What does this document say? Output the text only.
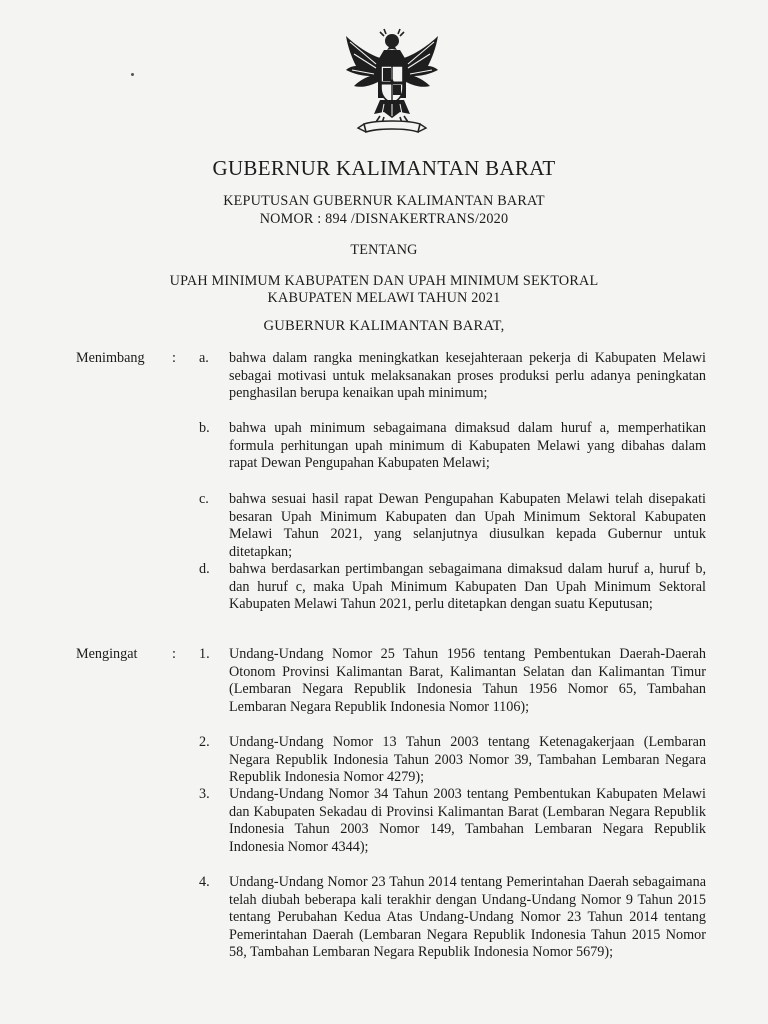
GUBERNUR KALIMANTAN BARAT
KEPUTUSAN GUBERNUR KALIMANTAN BARAT
NOMOR : 894 /DISNAKERTRANS/2020
TENTANG
UPAH MINIMUM KABUPATEN DAN UPAH MINIMUM SEKTORAL
KABUPATEN MELAWI TAHUN 2021
GUBERNUR KALIMANTAN BARAT,
Menimbang : a. bahwa dalam rangka meningkatkan kesejahteraan pekerja di Kabupaten Melawi sebagai motivasi untuk melaksanakan proses produksi perlu adanya peningkatan penghasilan berupa kenaikan upah minimum;
b. bahwa upah minimum sebagaimana dimaksud dalam huruf a, memperhatikan formula perhitungan upah minimum di Kabupaten Melawi yang dibahas dalam rapat Dewan Pengupahan Kabupaten Melawi;
c. bahwa sesuai hasil rapat Dewan Pengupahan Kabupaten Melawi telah disepakati besaran Upah Minimum Kabupaten dan Upah Minimum Sektoral Kabupaten Melawi Tahun 2021, yang selanjutnya diusulkan kepada Gubernur untuk ditetapkan;
d. bahwa berdasarkan pertimbangan sebagaimana dimaksud dalam huruf a, huruf b, dan huruf c, maka Upah Minimum Kabupaten Dan Upah Minimum Sektoral Kabupaten Melawi Tahun 2021, perlu ditetapkan dengan suatu Keputusan;
Mengingat : 1. Undang-Undang Nomor 25 Tahun 1956 tentang Pembentukan Daerah-Daerah Otonom Provinsi Kalimantan Barat, Kalimantan Selatan dan Kalimantan Timur (Lembaran Negara Republik Indonesia Tahun 1956 Nomor 65, Tambahan Lembaran Negara Republik Indonesia Nomor 1106);
2. Undang-Undang Nomor 13 Tahun 2003 tentang Ketenagakerjaan (Lembaran Negara Republik Indonesia Tahun 2003 Nomor 39, Tambahan Lembaran Negara Republik Indonesia Nomor 4279);
3. Undang-Undang Nomor 34 Tahun 2003 tentang Pembentukan Kabupaten Melawi dan Kabupaten Sekadau di Provinsi Kalimantan Barat (Lembaran Negara Republik Indonesia Tahun 2003 Nomor 149, Tambahan Lembaran Negara Republik Indonesia Nomor 4344);
4. Undang-Undang Nomor 23 Tahun 2014 tentang Pemerintahan Daerah sebagaimana telah diubah beberapa kali terakhir dengan Undang-Undang Nomor 9 Tahun 2015 tentang Perubahan Kedua Atas Undang-Undang Nomor 23 Tahun 2014 tentang Pemerintahan Daerah (Lembaran Negara Republik Indonesia Tahun 2015 Nomor 58, Tambahan Lembaran Negara Republik Indonesia Nomor 5679);
